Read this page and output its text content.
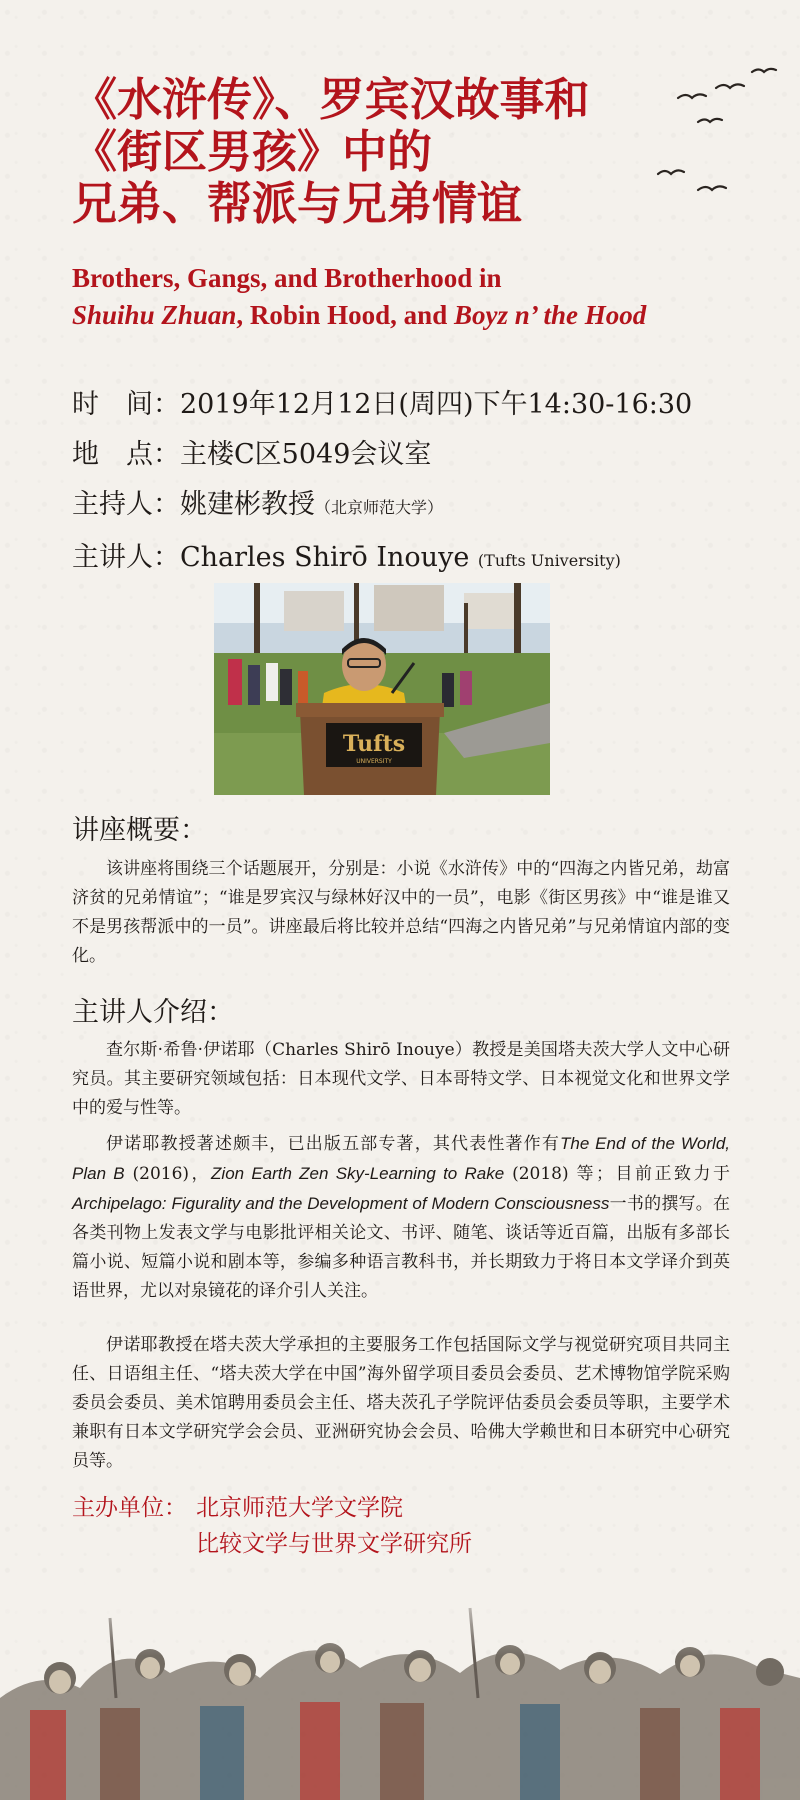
《水浒传》、罗宾汉故事和
《街区男孩》中的
兄弟、帮派与兄弟情谊
Brothers, Gangs, and Brotherhood in
Shuihu Zhuan, Robin Hood, and Boyz n’ the Hood
时　间：2019年12月12日(周四)下午14:30-16:30
地　点：主楼C区5049会议室
主持人：姚建彬教授（北京师范大学）
主讲人：Charles Shirō Inouye (Tufts University)
Tufts
UNIVERSITY
讲座概要：

该讲座将围绕三个话题展开，分别是：小说《水浒传》中的“四海之内皆兄弟，劫富济贫的兄弟情谊”；“谁是罗宾汉与绿林好汉中的一员”，电影《街区男孩》中“谁是谁又不是男孩帮派中的一员”。讲座最后将比较并总结“四海之内皆兄弟”与兄弟情谊内部的变化。

主讲人介绍：

查尔斯·希鲁·伊诺耶（Charles Shirō Inouye）教授是美国塔夫茨大学人文中心研究员。其主要研究领域包括：日本现代文学、日本哥特文学、日本视觉文化和世界文学中的爱与性等。

伊诺耶教授著述颇丰，已出版五部专著，其代表性著作有The End of the World, Plan B (2016)，Zion Earth Zen Sky-Learning to Rake (2018) 等；目前正致力于Archipelago: Figurality and the Development of Modern Consciousness一书的撰写。在各类刊物上发表文学与电影批评相关论文、书评、随笔、谈话等近百篇，出版有多部长篇小说、短篇小说和剧本等，参编多种语言教科书，并长期致力于将日本文学译介到英语世界，尤以对泉镜花的译介引人关注。

伊诺耶教授在塔夫茨大学承担的主要服务工作包括国际文学与视觉研究项目共同主任、日语组主任、“塔夫茨大学在中国”海外留学项目委员会委员、艺术博物馆学院采购委员会委员、美术馆聘用委员会主任、塔夫茨孔子学院评估委员会委员等职，主要学术兼职有日本文学研究学会会员、亚洲研究协会会员、哈佛大学赖世和日本研究中心研究员等。

主办单位： 北京师范大学文学院
比较文学与世界文学研究所
